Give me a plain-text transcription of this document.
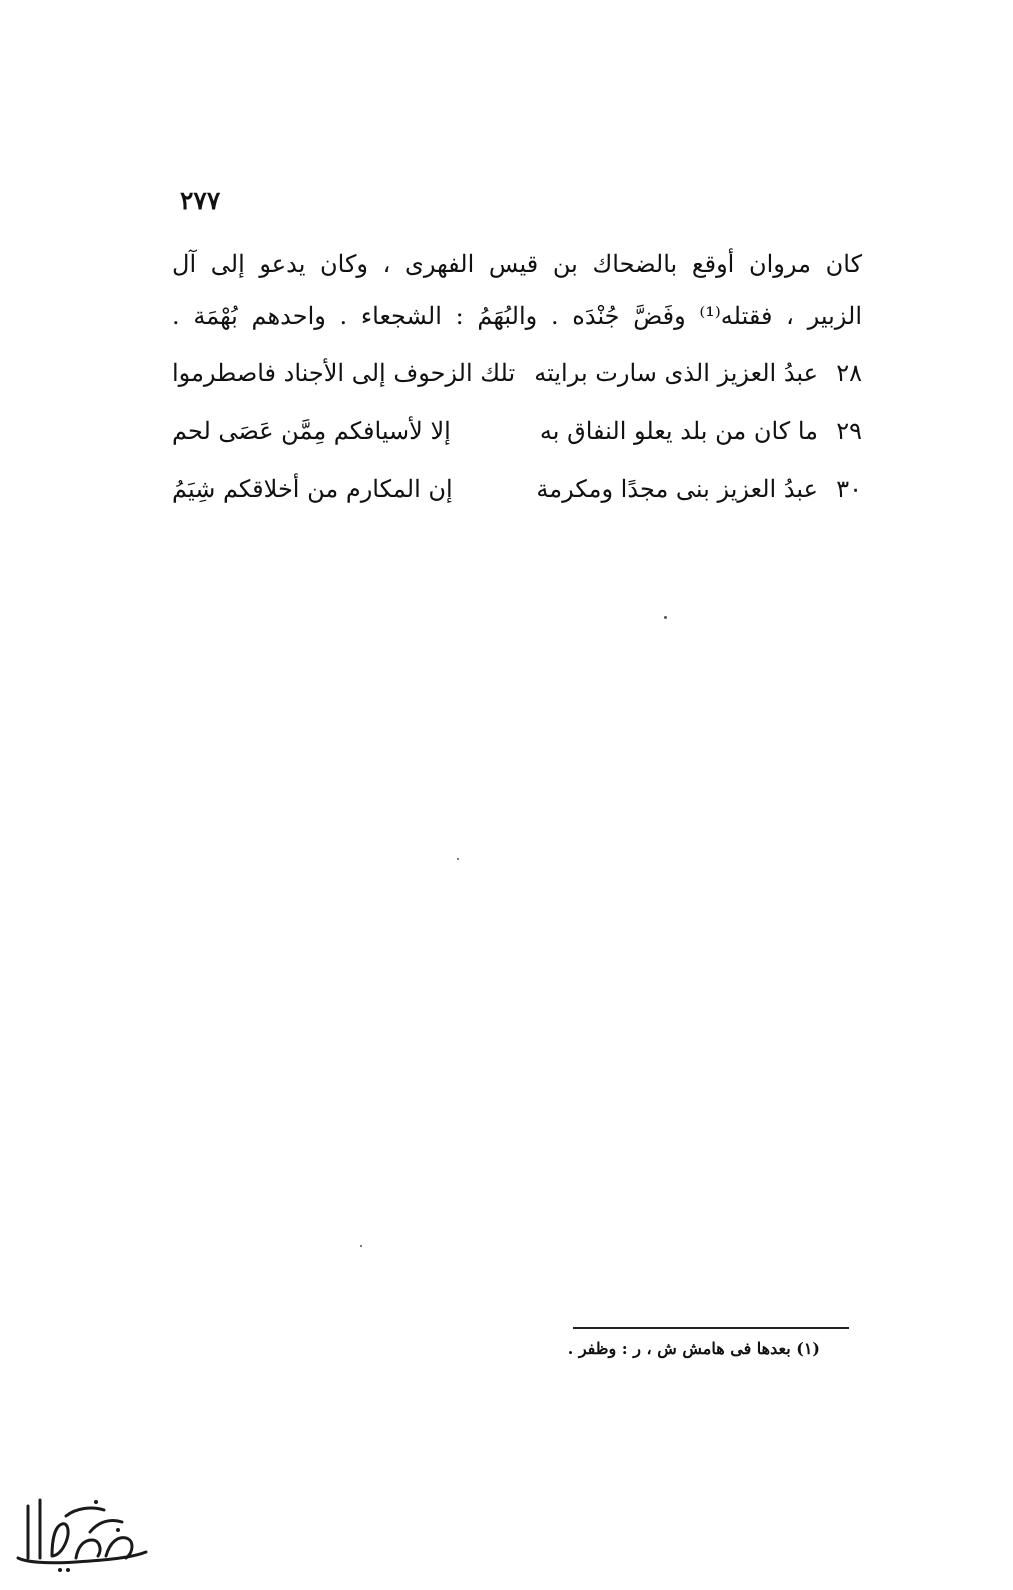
٢٧٧
كان مروان أوقع بالضحاك بن قيس الفهرى ، وكان يدعو إلى آل
الزبير ، فقتله⁽¹⁾ وفَضَّ جُنْدَه . والبُهَمُ : الشجعاء . واحدهم بُهْمَة .
٢٨
عبدُ العزيز الذى سارت برايته
تلك الزحوف إلى الأجناد فاصطرموا
٢٩
ما كان من بلد يعلو النفاق به
إلا لأسيافكم مِمَّن عَصَى لحم
٣٠
عبدُ العزيز بنى مجدًا ومكرمة
إن المكارم من أخلاقكم شِيَمُ
(١) بعدها فى هامش ش ، ر : وظفر .
